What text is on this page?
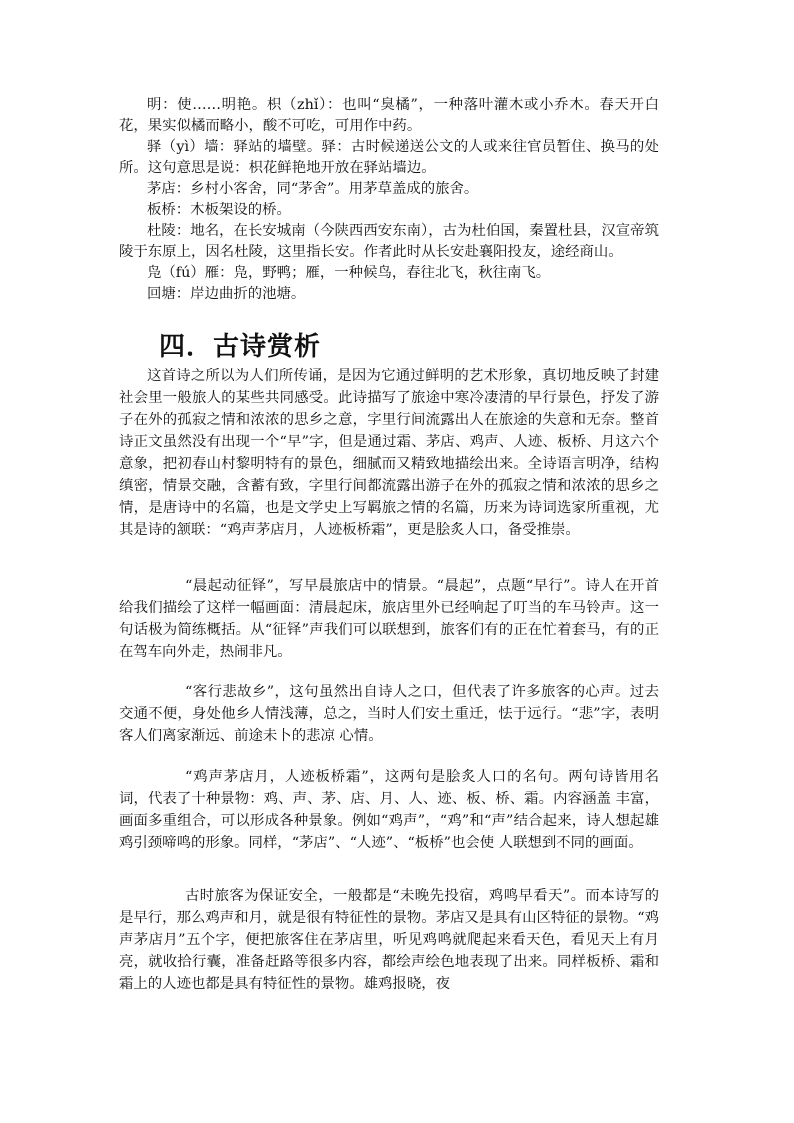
明：使……明艳。枳（zhǐ）：也叫“臭橘”，一种落叶灌木或小乔木。春天开白花，果实似橘而略小，酸不可吃，可用作中药。

驿（yì）墙：驿站的墙壁。驿：古时候递送公文的人或来往官员暂住、换马的处所。这句意思是说：枳花鲜艳地开放在驿站墙边。

茅店：乡村小客舍，同“茅舍”。用茅草盖成的旅舍。

板桥：木板架设的桥。

杜陵：地名，在长安城南（今陕西西安东南），古为杜伯国，秦置杜县，汉宣帝筑陵于东原上，因名杜陵，这里指长安。作者此时从长安赴襄阳投友，途经商山。

凫（fú）雁：凫，野鸭；雁，一种候鸟，春往北飞，秋往南飞。

回塘：岸边曲折的池塘。

四．古诗赏析

这首诗之所以为人们所传诵，是因为它通过鲜明的艺术形象，真切地反映了封建社会里一般旅人的某些共同感受。此诗描写了旅途中寒冷凄清的早行景色，抒发了游子在外的孤寂之情和浓浓的思乡之意，字里行间流露出人在旅途的失意和无奈。整首诗正文虽然没有出现一个“早”字，但是通过霜、茅店、鸡声、人迹、板桥、月这六个意象，把初春山村黎明特有的景色，细腻而又精致地描绘出来。全诗语言明净，结构缜密，情景交融，含蓄有致，字里行间都流露出游子在外的孤寂之情和浓浓的思乡之情，是唐诗中的名篇，也是文学史上写羁旅之情的名篇，历来为诗词选家所重视，尤其是诗的颔联：“鸡声茅店月，人迹板桥霜”，更是脍炙人口，备受推崇。

“晨起动征铎”，写早晨旅店中的情景。“晨起”，点题“早行”。诗人在开首给我们描绘了这样一幅画面：清晨起床，旅店里外已经响起了叮当的车马铃声。这一句话极为简练概括。从“征铎”声我们可以联想到，旅客们有的正在忙着套马，有的正在驾车向外走，热闹非凡。

“客行悲故乡”，这句虽然出自诗人之口，但代表了许多旅客的心声。过去交通不便，身处他乡人情浅薄，总之，当时人们安土重迁，怯于远行。“悲”字，表明客人们离家渐远、前途未卜的悲凉 心情。

“鸡声茅店月，人迹板桥霜”，这两句是脍炙人口的名句。两句诗皆用名词，代表了十种景物：鸡、声、茅、店、月、人、迹、板、桥、霜。内容涵盖 丰富，画面多重组合，可以形成各种景象。例如“鸡声”，“鸡”和“声”结合起来，诗人想起雄鸡引颈啼鸣的形象。同样，“茅店”、“人迹”、“板桥”也会使 人联想到不同的画面。

古时旅客为保证安全，一般都是“未晚先投宿，鸡鸣早看天”。而本诗写的是早行，那么鸡声和月，就是很有特征性的景物。茅店又是具有山区特征的景物。“鸡声茅店月”五个字，便把旅客住在茅店里，听见鸡鸣就爬起来看天色，看见天上有月亮，就收拾行囊，准备赶路等很多内容，都绘声绘色地表现了出来。同样板桥、霜和霜上的人迹也都是具有特征性的景物。雄鸡报晓，夜
